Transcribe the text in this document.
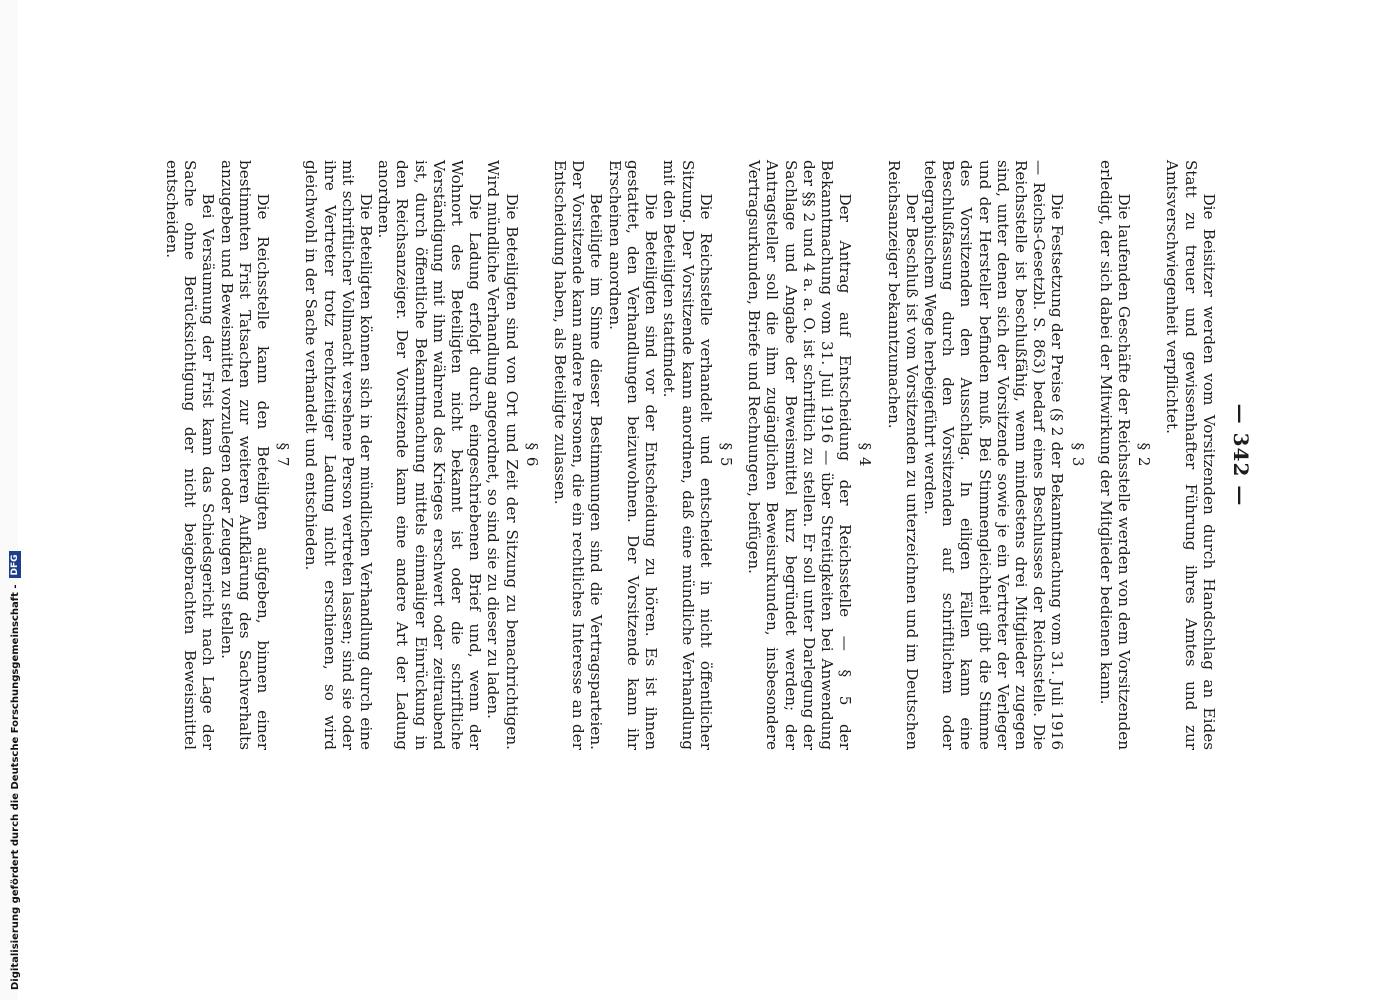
Digitalisierung gefördert durch die Deutsche Forschungsgemeinschaft -DFG
— 342 —

Die Beisitzer werden vom Vorsitzenden durch Handschlag an Eides Statt zu treuer und gewissenhafter Führung ihres Amtes und zur Amtsverschwiegenheit verpflichtet.

§ 2

Die laufenden Geschäfte der Reichsstelle werden von dem Vorsitzenden erledigt, der sich dabei der Mitwirkung der Mitglieder bedienen kann.

§ 3

Die Festsetzung der Preise (§ 2 der Bekanntmachung vom 31. Juli 1916 — Reichs-Gesetzbl. S. 863) bedarf eines Beschlusses der Reichsstelle. Die Reichsstelle ist beschlußfähig, wenn mindestens drei Mitglieder zugegen sind, unter denen sich der Vorsitzende sowie je ein Vertreter der Verleger und der Hersteller befinden muß. Bei Stimmengleichheit gibt die Stimme des Vorsitzenden den Ausschlag. In eiligen Fällen kann eine Beschlußfassung durch den Vorsitzenden auf schriftlichem oder telegraphischem Wege herbeigeführt werden.

Der Beschluß ist vom Vorsitzenden zu unterzeichnen und im Deutschen Reichsanzeiger bekanntzumachen.

§ 4

Der Antrag auf Entscheidung der Reichsstelle — § 5 der Bekanntmachung vom 31. Juli 1916 — über Streitigkeiten bei Anwendung der §§ 2 und 4 a. a. O. ist schriftlich zu stellen. Er soll unter Darlegung der Sachlage und Angabe der Beweismittel kurz begründet werden; der Antragsteller soll die ihm zugänglichen Beweisurkunden, insbesondere Vertragsurkunden, Briefe und Rechnungen, beifügen.

§ 5

Die Reichsstelle verhandelt und entscheidet in nicht öffentlicher Sitzung. Der Vorsitzende kann anordnen, daß eine mündliche Verhandlung mit den Beteiligten stattfindet.

Die Beteiligten sind vor der Entscheidung zu hören. Es ist ihnen gestattet, den Verhandlungen beizuwohnen. Der Vorsitzende kann ihr Erscheinen anordnen.

Beteiligte im Sinne dieser Bestimmungen sind die Vertragsparteien. Der Vorsitzende kann andere Personen, die ein rechtliches Interesse an der Entscheidung haben, als Beteiligte zulassen.

§ 6

Die Beteiligten sind von Ort und Zeit der Sitzung zu benachrichtigen. Wird mündliche Verhandlung angeordnet, so sind sie zu dieser zu laden.

Die Ladung erfolgt durch eingeschriebenen Brief und, wenn der Wohnort des Beteiligten nicht bekannt ist oder die schriftliche Verständigung mit ihm während des Krieges erschwert oder zeitraubend ist, durch öffentliche Bekanntmachung mittels einmaliger Einrückung in den Reichsanzeiger. Der Vorsitzende kann eine andere Art der Ladung anordnen.

Die Beteiligten können sich in der mündlichen Verhandlung durch eine mit schriftlicher Vollmacht versehene Person vertreten lassen; sind sie oder ihre Vertreter trotz rechtzeitiger Ladung nicht erschienen, so wird gleichwohl in der Sache verhandelt und entschieden.

§ 7

Die Reichsstelle kann den Beteiligten aufgeben, binnen einer bestimmten Frist Tatsachen zur weiteren Aufklärung des Sachverhalts anzugeben und Beweismittel vorzulegen oder Zeugen zu stellen.

Bei Versäumung der Frist kann das Schiedsgericht nach Lage der Sache ohne Berücksichtigung der nicht beigebrachten Beweismittel entscheiden.
